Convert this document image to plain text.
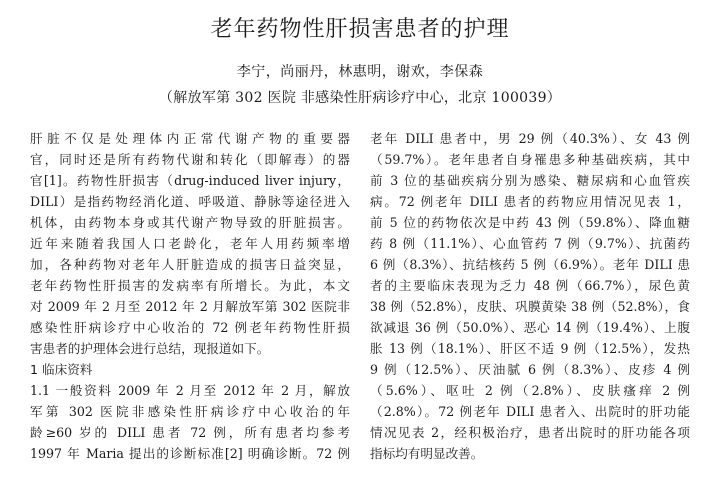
老年药物性肝损害患者的护理
李宁，尚丽丹，林惠明，谢欢，李保森
（解放军第 302 医院 非感染性肝病诊疗中心，北京 100039）
肝脏不仅是处理体内正常代谢产物的重要器
官，同时还是所有药物代谢和转化（即解毒）的器
官[1]。药物性肝损害（drug-induced liver injury，
DILI）是指药物经消化道、呼吸道、静脉等途径进入
机体，由药物本身或其代谢产物导致的肝脏损害。
近年来随着我国人口老龄化，老年人用药频率增
加，各种药物对老年人肝脏造成的损害日益突显，
老年药物性肝损害的发病率有所增长。为此，本文
对 2009 年 2 月至 2012 年 2 月解放军第 302 医院非
感染性肝病诊疗中心收治的 72 例老年药物性肝损
害患者的护理体会进行总结，现报道如下。
1 临床资料
1.1 一般资料 2009 年 2 月至 2012 年 2 月，解放
军第 302 医院非感染性肝病诊疗中心收治的年
龄≥60 岁的 DILI 患者 72 例，所有患者均参考
1997 年 Maria 提出的诊断标准[2] 明确诊断。72 例
老年 DILI 患者中，男 29 例（40.3%）、女 43 例
（59.7%）。老年患者自身罹患多种基础疾病，其中
前 3 位的基础疾病分别为感染、糖尿病和心血管疾
病。72 例老年 DILI 患者的药物应用情况见表 1，
前 5 位的药物依次是中药 43 例（59.8%）、降血糖
药 8 例（11.1%）、心血管药 7 例（9.7%）、抗菌药
6 例（8.3%）、抗结核药 5 例（6.9%）。老年 DILI 患
者的主要临床表现为乏力 48 例（66.7%），尿色黄
38 例（52.8%），皮肤、巩膜黄染 38 例（52.8%），食
欲减退 36 例（50.0%）、恶心 14 例（19.4%）、上腹
胀 13 例（18.1%）、肝区不适 9 例（12.5%），发热
9 例（12.5%）、厌油腻 6 例（8.3%）、皮疹 4 例
（5.6%）、呕吐 2 例（2.8%）、皮肤瘙痒 2 例
（2.8%）。72 例老年 DILI 患者入、出院时的肝功能
情况见表 2，经积极治疗，患者出院时的肝功能各项
指标均有明显改善。
